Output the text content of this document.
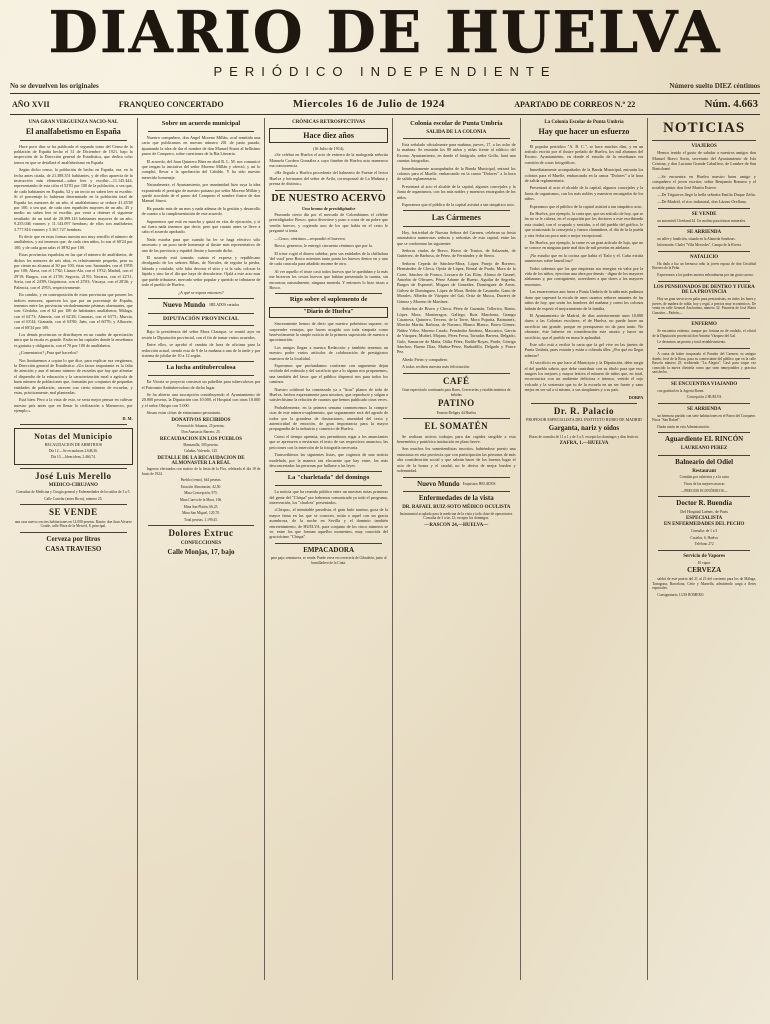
DIARIO DE HUELVA
PERIÓDICO INDEPENDIENTE
No se devuelven los originales	Número suelto DIEZ céntimos
AÑO XVII	FRANQUEO CONCERTADO	Miercoles 16 de Julio de 1924	APARTADO DE CORREOS N.º 22	Núm. 4.663
UNA GRAN VERGUENZA NACIO-NAL
El analfabetismo en España

Hace poco dias se ha publicado el segundo tomo del Censo de la población de España hecho el 31 de Diciembre de 1921, bajo la inspección de la Dirección general de Estadística, que dedica ocho tomos en que se detallará el analfabetismo en España.

Según dicho censo, la población de hecho en España, era, en la fecha antes citada, de 21.388.351 habitantes, y de ellos aparecía de la instrucción más elemental—saber leer y escribir—11.145.444, representando de esta cifra el 52'03 por 100 de la población, o sea que, de cada habitantes en España, 52 y un tercio no saben leer ni escribir. Si el porcentaje lo hubieran determinado en la población total de España los menores de un año, el analfabetismo se reduce 41.45'48 por 100, o sea que, de cada cien españoles mayores de un año, 45 y medio no saben leer ni escribir, por venir a obtener el siguiente resultado: de un total de 20.399.143 habitantes mayores de un año, 9.255.046 varones y 11.143.097 hembras; de ellos son analfabetos 3.777.816 varones y 5.367.727 hembras.

Es decir que en estas formas nuestra nos muy sencillo el número de analfabetos, y así tenemos que, de cada cien niños, lo son el 60'24 por 100, y de cada gran salas el 38'92 por 100.

Estas provincias españolas en las que el número de analfabetos, de dichos los menores de seis años, es relativamente pequeño, pero su por ciento no alcanza al 30 por 100, éstas son: Santander, con el 19'05 por 100; Alava, con el 17'82; Llanos-Ala, con el 19'32; Madrid, con el 29'19; Burgos, con el 21'58; Segovia, 21'83; Navarra, con el 22'31; Soria, con el 24'89; Guipúzcoa, con el 25'03; Vizcaya, con el 28'26; y Palencia, con el 29'03, respectivamente.

En cambio, y en contraposición de estas provincias que poseen los indices menores, aparecen los que por un porcentaje de España, tenemos entre las provincias verdaderamente pésimas alarmantes, que son: Córdoba, con el 62 por 100 de habitantes analfabetos; Málaga, con el 62'73; Almería, con el 62'28; Canarias, con el 63'71; Murcia, con el 63'44; Granada, con el 63'90; Jaén, con el 60'76; y Albacete, con el 68'34 por 100.

Los demás provincias se distribuyen en un cuadro de apreciación mira que la escala es grande. Están en las capitales donde la enseñanza es gratuita y obligatoria, con el 70 por 100 de analfabetos.

¿Comentarios? ¡Para qué hacerlos?

Nos limitaremos a copiar lo que dice, para explicar esa vergüenza, la Dirección general de Estadística: «Un factor importante es la falta de atención y aun el mismo número de escuelas que hay que afrontar el dispendio de la educación y la caracterización rural a agrícola de buen número de poblaciones que, formadas por conjuntos de pequeñas entidades de población, carecen con cierto número de escuelas, y estas, prácticamente, mal planteadas.

Está bien. Pero a la vista de esto, se seria mejor pensar en cultivar nuestro país antes que en llenar la civilización a Marruecos, por ejemplo.»

D. M.
Notas del Municipio
RECAUDACION DE ARBITRIOS

Día 12.—Se recaudaron 2.648,26.

Día 13.—Idem idem, 2.466,74.

José Luis Merello
MEDICO-CIRUJANO

Consultas de Medicina y Cirugía general y Enfermedades de los niños de 3 a 5.

Calle Castelar (antes Ricos), número 25.

SE VENDE

una casa nueva con tres habitaciones en 14.000 pesetas. Razón: don Juan Alvarez Conde, calle Plaza de la Merced, 8, principal.

Cerveza por litros
CASA TRAVIESO
Sobre un acuerdo municipal

Nuestro compañero, don Angel Moreno Millán, ocul remitido una carta que publicamos en nuestro número 201 de junio pasado, ápuntando la idea de dar el nombre de don Manuel Siurot al bellísimo paseo de Conquero, sobre cuestiones de la Ría Literaria.

El acuerdo, del Juan Quintero Báez en abril R. L. M. nos comunicó que tengan la iniciativa del señor Moreno Millán y ofreció, y así lo cumplió, llevar a la aprobación del Cabildo. Y ha sido nuestro merecido homenaje.

Naturalmente, el Ayuntamiento, por unanimidad hizo suya la idea exponiendo el prestigio de nuestro paisano por señor Moreno Millán y quedó acordado de el paseo del Conquero el nombre ilustre de don Manuel Siurot.

Ha pasado más de un mes y nada adeuna de la gestión y desarrollo de cuanto a la cumplimentación de este acuerdo.

Suponemos que está en marcha y quizá en vías de ejecución, y si así fuera nada tenemos que decir; pero que cuanto antes se lleve a cabo el acuerdo aprobado.

Nada estorba para que cuando ha ler se haga efectivo sólo necesario y un poco tarde homenaje al ilustre más representativo de uno de las provincia y español ilustre y honrado dicho.

El acuerdo está tomado; cuánto el expresa y repúblicano divulgando de los señores Ríbas, de Novales, de regular la piedra, labrada y rotulado; sólo falta decorar el sitio y si la sala, colocar la lápida y sino lar el día que haya de descubrirse. Ojalá a este acto mas que puéde tributarse, mercado señor popular y querido se tributarse de todo el pueblo de Huelva.

¿A qué se espera entonces?

Nuevo Mundo HELADOS variados
DIPUTACIÓN PROVINCIAL

Bajo la presidencia del señor Mora Claraque, se reunió ayer en sesión la Diputación provincial, con el fin de tomar varios acuerdos.

Entre ellos, se aprobó el cambio de hora de oficinas para la redacción actual, siendo esta de 9 de la mañana a una de la tarde y por sistema de jubilar de 10 a 12 según.

La lucha antituberculosa

En Vitoria se proyecta construir un pabellón para tuberculosos por el Patronato Antituberculoso de dicho lugar.

Se ha abierto una suscripción contribuyendo el Ayuntamiento de 20.000 pesetas, la Diputación con 10.000, el Hospital con otras 10.000 y el señor Obispo con 5.000.

Siruas estas cifras de entusiasmo pecuniario.

DONATIVOS RECIBIDOS

Personal de Aduanas, 25 pesetas.

Don Anastasio Barrero, 25.

RECAUDACION EN LOS PUEBLOS

Manzanilla, 300 pesetas.

Calañas, Valverde, 125.

DETALLE DE LA RECAUDACION DE ALMONASTER LA REAL

Ingresos efectuados con motivo de la fiesta de la Flor, celebrada el día 18 de Junio de 1924.

Pueblo (censo), 644 pesetas.

Estación Almonaster, 42,50.

Mina Concepción, 975.

Mina Cueva de la Mora, 166.

Mina San Platón, 66,25.

Mina San Miguel, 120,70.

Total pesetas, 1.199,45.

Dolores Extruc
CONFECCIONES
Calle Monjas, 17, bajo
CRÓNICAS RETROSPECTIVAS
Hace diez años
(16 Julio de 1914).

«Se celebra en Huelva el acto de entierro de la malograda señorita Manuela Cordero González a cuyo fúnebre de Huelva acto numeroso ma concurrencia.

»Ha llegado a Huelva procedente del balneario de Fuente el lector Huelva y hermanos del señor de Avila, corresponsal de La Mañana y prensa de distinta.»

DE NUESTRO ACERVO
Una broma de prestidigitador

Paseando cierto día por el mercado de Colombianos el célebre prestidigitador Bosco, quiso divertirse y puso a costa de un pobre que vendía huevos, y cogiendo uno de los que había en el cesto le preguntó si tenía.

—Cinco, céntimos—respondió el huevero.

Bosco, generoso, le entregó cincuenta céntimos que por la.

El triste cogió el dinero subidor, pero sus entidades de la chifladura 'del vuol' pero Bosco mientras tanto ponía los huevos dentro en y uno de cada caracola para añadido enorme de otro.

Al ver aquello el triste casó todos huevos que le quedaban y la más me hicieron los cestos huevos que habían presentado la cuenta, sin encontrar, naturalmente, ninguna moneda. Y entonces lo hizo trizas a Bosco.

Rigo sobre el suplemento de
"Diario de Huelva"

Sinceramente hemos de decir que nuestro pobrísimo suponer, se sorprender ventajas, que hacen acogida con toda simpatía como benévolamente la simple noticia de la primera suposición de nuestro a aproximación.

Los amigos llegan a nuestra Redacción y también tenemos un nuestro poder varios artículos de colaboración de prestigiosos maestros de la localidad.

Esperamos que profundamos conforme con argumento dejan recibido del estímulo y del sacrificio que a lo alguno nos proponemos, una también del favor que el público dispensó nos para todos los caminos.

Nuestro colaboró ha comenzado ya a "ficar" planos de toda de Huelva, hechos expresamente para nosotros, que reproducir y salgan a satisfechísimo la relación de cuantos que hemos publicado otras veces.

Probablemente, en la primera semana conmencemos la compra-cion de este número-suplemento, que seguramente será del agrado de todos por la grandeza de ilustraciones, amenidad del texto y autenticidad de emoción, de gran importancia para la mayor propagandía de la industria y comercio de Huelva.

Como el tiempo apremia, nos permitimos rogar a los anunciantes que se apresuren a enviarnos el texto de sus respectivos anuncios; las peticiones con la inserción de la fotografía necesaria.

Transcribimos las siguientes listas, que cogimos de una noticia modelada, por la manera tan elocuente que hay entre, las más desconcertadas las personas por hallarse a las leyes.

La "charletada" del domingo

La noticia que ha reunido público entre un nuestras notas primeras del gente del "Chispa" por habernos comunicado ya todo el programa, intervención, los "charlots" presentados.

»Chispa», el inimitable parodista, el gran bufo taurino, goza de la mayor fama en las que se conocen, actúa a aquel con un gracia asombrosa, de la noche en Sevilla y el dominio también entretenimiento, de HUELVA, para conjunto de los cinco números se ve, entre los que forman aquellos momentos, muy conocida del gracioísimo "Chispa".

EMPACADORA

para paja; seminueva, se vende. Puede verse en cervecería de Gibraleón, junto al humilladero de la Cinta.

Colonia escolar de Punta Umbría
SALIDA DE LA COLONIA

Esta señalado oficialmente para mañana, jueves, 17, a las ocho de la mañana. Se reunirán los 80 niños y niñas frente al edificio del Excmo. Ayuntamiento, en donde el fotógrafo, señor Golfo, hará una cuantas fotografías.

Inmediatamente acompañados de la Banda Municipal, entrará los colonos para el Muelle, embarcando en la canoa "Dolores" a la hora de salida reglamentaria.

Presentará al acto el alcalde de la capital, algunos concejales y la Junta de organismos, con los más nobles y maestros encargados de los niños.

Esperamos que el público de la capital asistirá a tan simpático acto.

Las Cármenes

Hoy, festividad de Nuestra Señora del Carmen, celebran su fiesta onomástica numerosas señoras y señoritas de esta capital, entre las que se conforman las siguientes:

Señoras viudas de Bravo, Bravo de Trastos, de Salazarán, de Gutiérrez, de Barbosa, de Pérez, de Fernández y de Sierra.

Señoras Cepeda de Sánchez-Mora, López Parejo de Borrero, Hermández de Checa, Ojeda de López, Bernal de Prado, Mora de la Corte, Sánchez de Franco, Lezcara de Cas Elías, Alonso de Grunel, Antoñin de Olivares, Pérez Adame de Bueno, Aguilar de Segreña, Burgos de Espronel, Moguer de González, Domínguez de Areas, Gálvez de Domínguez, López de Mora, Redón de Casanaño, Gano de Morales, Albedia de Vázquez del Gal, Ortiz de Musca, Duceret de Gómez y Moreno de Martínez.

Señoritas de Bravo y Checa, Pérez de Guzmán, Tolleriva, Bonin, López Mora, Montiersgoz, Gallego, Ruiz Marchena, Grangu Casanova, Quintero, Tercero, de la Torre, Mora Pujarita, Raimanríx, Morcho Martín, Barbosa, de Navarro, Blanco Blanco, Bravo Gómez, Núñez Vélez, Moreno Criado, Fernández Jiménez, Mascarico, García de Vázquez, Muñiel, Mojano, Pérez Fresa, Torradas Barrera, Delgado, Gulo, Sanarrote de Maita, Otilia Fétez, Badilo-Royas, Pardo, Górriga Sánchez, Bueno Díaz, Muñoz-Pérez, Barbadillo, Delgado y Ponce Pez.

Altedo Pietro y compañero.

A todas reciben nuestra más felicitación.

CAFÉ

Gran espectáculo continuado para Bares, Cervecerías y establecimientos de bebidas

PATINO

Ernesto Deligny 44 Huelva

EL SOMATÉN

Se realizan activos trabajos para dar rapidez tangible a esta benemérita y patriótica institución en plazo breve.

Son muchos los sometiendistas inscritos, habiéndose puesto una entusiasta en esta provincia que con participación las personas de más alta consideración social y que sabrán hacer de los buenos lugar el acto de la honra y el caudal, no le deriva de mejor burden y solemnidad.

Nuevo Mundo Exquisitos HELADOS
Enfermedades de la vista
DR. RAFAEL RUIZ-SOTO MÉDICO OCULISTA

Instrumental acoplado para la medicina de la vista y todo clase de operaciones. Consulta de 3 a las 12; excepto los domingos.

—RASCON 24,—HUELVA—
La Colonia Escolar de Punta Umbría
Hay que hacer un esfuerzo

El popular periódico "A. B. C.", se hace muchos días, y en un artículo escrito por el ilustre prelado de Huelva, los mil alumnos del Excmo. Ayuntamiento, en donde el estudio de la enseñanza era cuestión de cosas fotográficas.

Inmediatamente acompañados de la Banda Municipal, entrarán los colonos para el Muelle, embarcando en la canoa "Dolores" a la hora de salida reglamentaria.

Presentará al acto el alcalde de la capital, algunos concejales y la Junta de organismos, con los más nobles y maestros encargados de los niños.

Esperamos que el público de la capital asistirá a tan simpático acto.

En Huelva, por ejemplo, la carta que, que un artículo de hoy, que se ha no se le cabeza, en el ocupación por los doctores a este escribiendo esta ciudad, con el ocupado y sentidas, o el del pueblo del gráfico, le que ocasionado la consejería y fuerza chamuñera, el día de la la puéda y otra fecha un poco más o mejor excepcional.

En Huelva, por ejemplo, la carne es un gran artículo de lujo, que no se conoce en ninguna parte mal don de mil pesetas en adelante.

¡No estudio que en la cocina que había el Tizlo y el. Cabu existía numerosos sobre lanzaCruz?

Todos sabemos que los que empiezan sus energías en valor por la vida de los niños, ejercitan una obra por demás - digna de los mayores alabanzas y, por consiguiente, acreedores a que dores a los mayores encomios.

Las encarecemos aun fuera a Punta Umbría de la niña más pudimos dono que superará la escala de unos cuantos señores amantes de las niños de hoy, que serán los hombres del mañana y como los colonos habrán de experir el mejoramiento de la familia.

El Ayuntamiento de Madrid, de dias anteriormente unos 10,000 duros a las Colonias escolares; el de Huelva, no puede hacer un sacrificio tan grande, porque en presupuesto no da para tanto. No obstante, éste haberse en consideración este asunto y hacer un sacrificio, que el pueblo en masa le aplaudirá.

Este sólo está a recibir la carta que la gel vive en las jinetes de Punta Umbría, pues estarán y están o cobrada áller. ¿Por qué no llegar adentro?

Al sacrificio en que hace al Municipio y la Diputación, debe surgir el del pueblo sabrio, que debe contribuir con su óbolo para que esos mugres los mejores y mayor festiva el número de niños que, en total, escorroncira con un ambiente deliciosa e intenso, venido el rojo volcado y la sostenuto que tu de la escuela en un ser fuerte y sano mejor en ser sal a sí mismo, a sus simplantes y a su país.

DORPA
Dr. R. Palacio
PROFESOR ESPECIALISTA DEL INSTITUTO RUBIO DE MADRID
Garganta, nariz y oidos

Horas de consulta de 11 a 1 y de 3 a 5, excepto los domingos y días festivos.

ZAFRA, 1.—HUELVA
NOTICIAS
VIAJEROS

Hemos tenido el gusto de saludar a nuestros amigos don Manuel Bravo Soria, secretario del Ayuntamiento de Isla Cristina, y don Luciano Grande Caballero, de Lombre de San Bartolomé.

—Se encuentra en Huelva nuestro buen amigo y compañero el joven escritor, señor Benjamín Romero y el notable pintor don José Martín Esteve.

—De Trigueros llegó la bella señorita Emilia Duque Zéfia.

—De Madrid, el rico industrial, don Lázaro Orellana.

SE VENDE

un automóvil Overland 24. Un molino para triturar minerales.

SE ARRIENDA

un taller y fundición, situado en la Alameda Sundosas.

Informarán: Chalet "Villa Mercedes", Campo de la Rivera.

NATALICIO

Ha dado a luz un hermoso niño la joven esposa de don Cristóbal Borrero de la Peña.

Expresamos a los padres nuestra enhorabuena por tan grato suceso.

LOS PENSIONADOS DE DENTRO Y FUERA DE LA PROVINCIA

Hoy un gran servicio en palas para pensionistas, en todos los lunes y jueves, de madera de rubla; hoy y regal, a precios muy económicos. De venta en calle General Anchorena, número 32. Pizarreta de José María Guzaúve—Padrón—

ENFERMO

Se encuentra enfermo, aunque por fortuna no de cuidado, el oficial de la Diputación provincial don Antonio Vázquez del Gal.

Le deseamos un pronto y total restablecimiento.

A causa de haber traspasado el Parador del Carmen, su antiguo dueño, José de la Rosa, pasa su comerciante del público que en la calle Rascón número 25, recibiendo "La Alegría". Casó para vaque vez conocido la nueva clientela como que sean inmejorables y practica satisfecho.

SE ENCUENTRA VIAJANDO

con gratitud en la Jogerta Boren.

Concepción 2 HUELVA

SE ARRIENDA

un hermoso partido con siete habitaciones en el Paseo del Conquero. Finca "San Rafael".

Darán razón en esta Administración.

Aguardiente EL RINCÓN
LAUREANO PEREZ
Balneario del Odiel
Restaurant

Comidas por cubiertos y a la carta

Vinos de las mejores marcas

—PRECIOS ECONÓMICOS—

Doctor R. Buendía
Del Hospital Laënec, de París
ESPECIALISTA
EN ENFERMEDADES DEL PECHO

Consulta: de 1 a 3

Castelar, 6, Huelva

Teléfono 272

Servicio de Vapores

El vapor

CERVEZA

saldrá de este puerto del 21 al 23 del corriente para los de Málaga, Tarragona, Barcelona, Cette y Marsella, admitiendo carga a fletes especiales.

Consignatario, LUIS ROMERO.
